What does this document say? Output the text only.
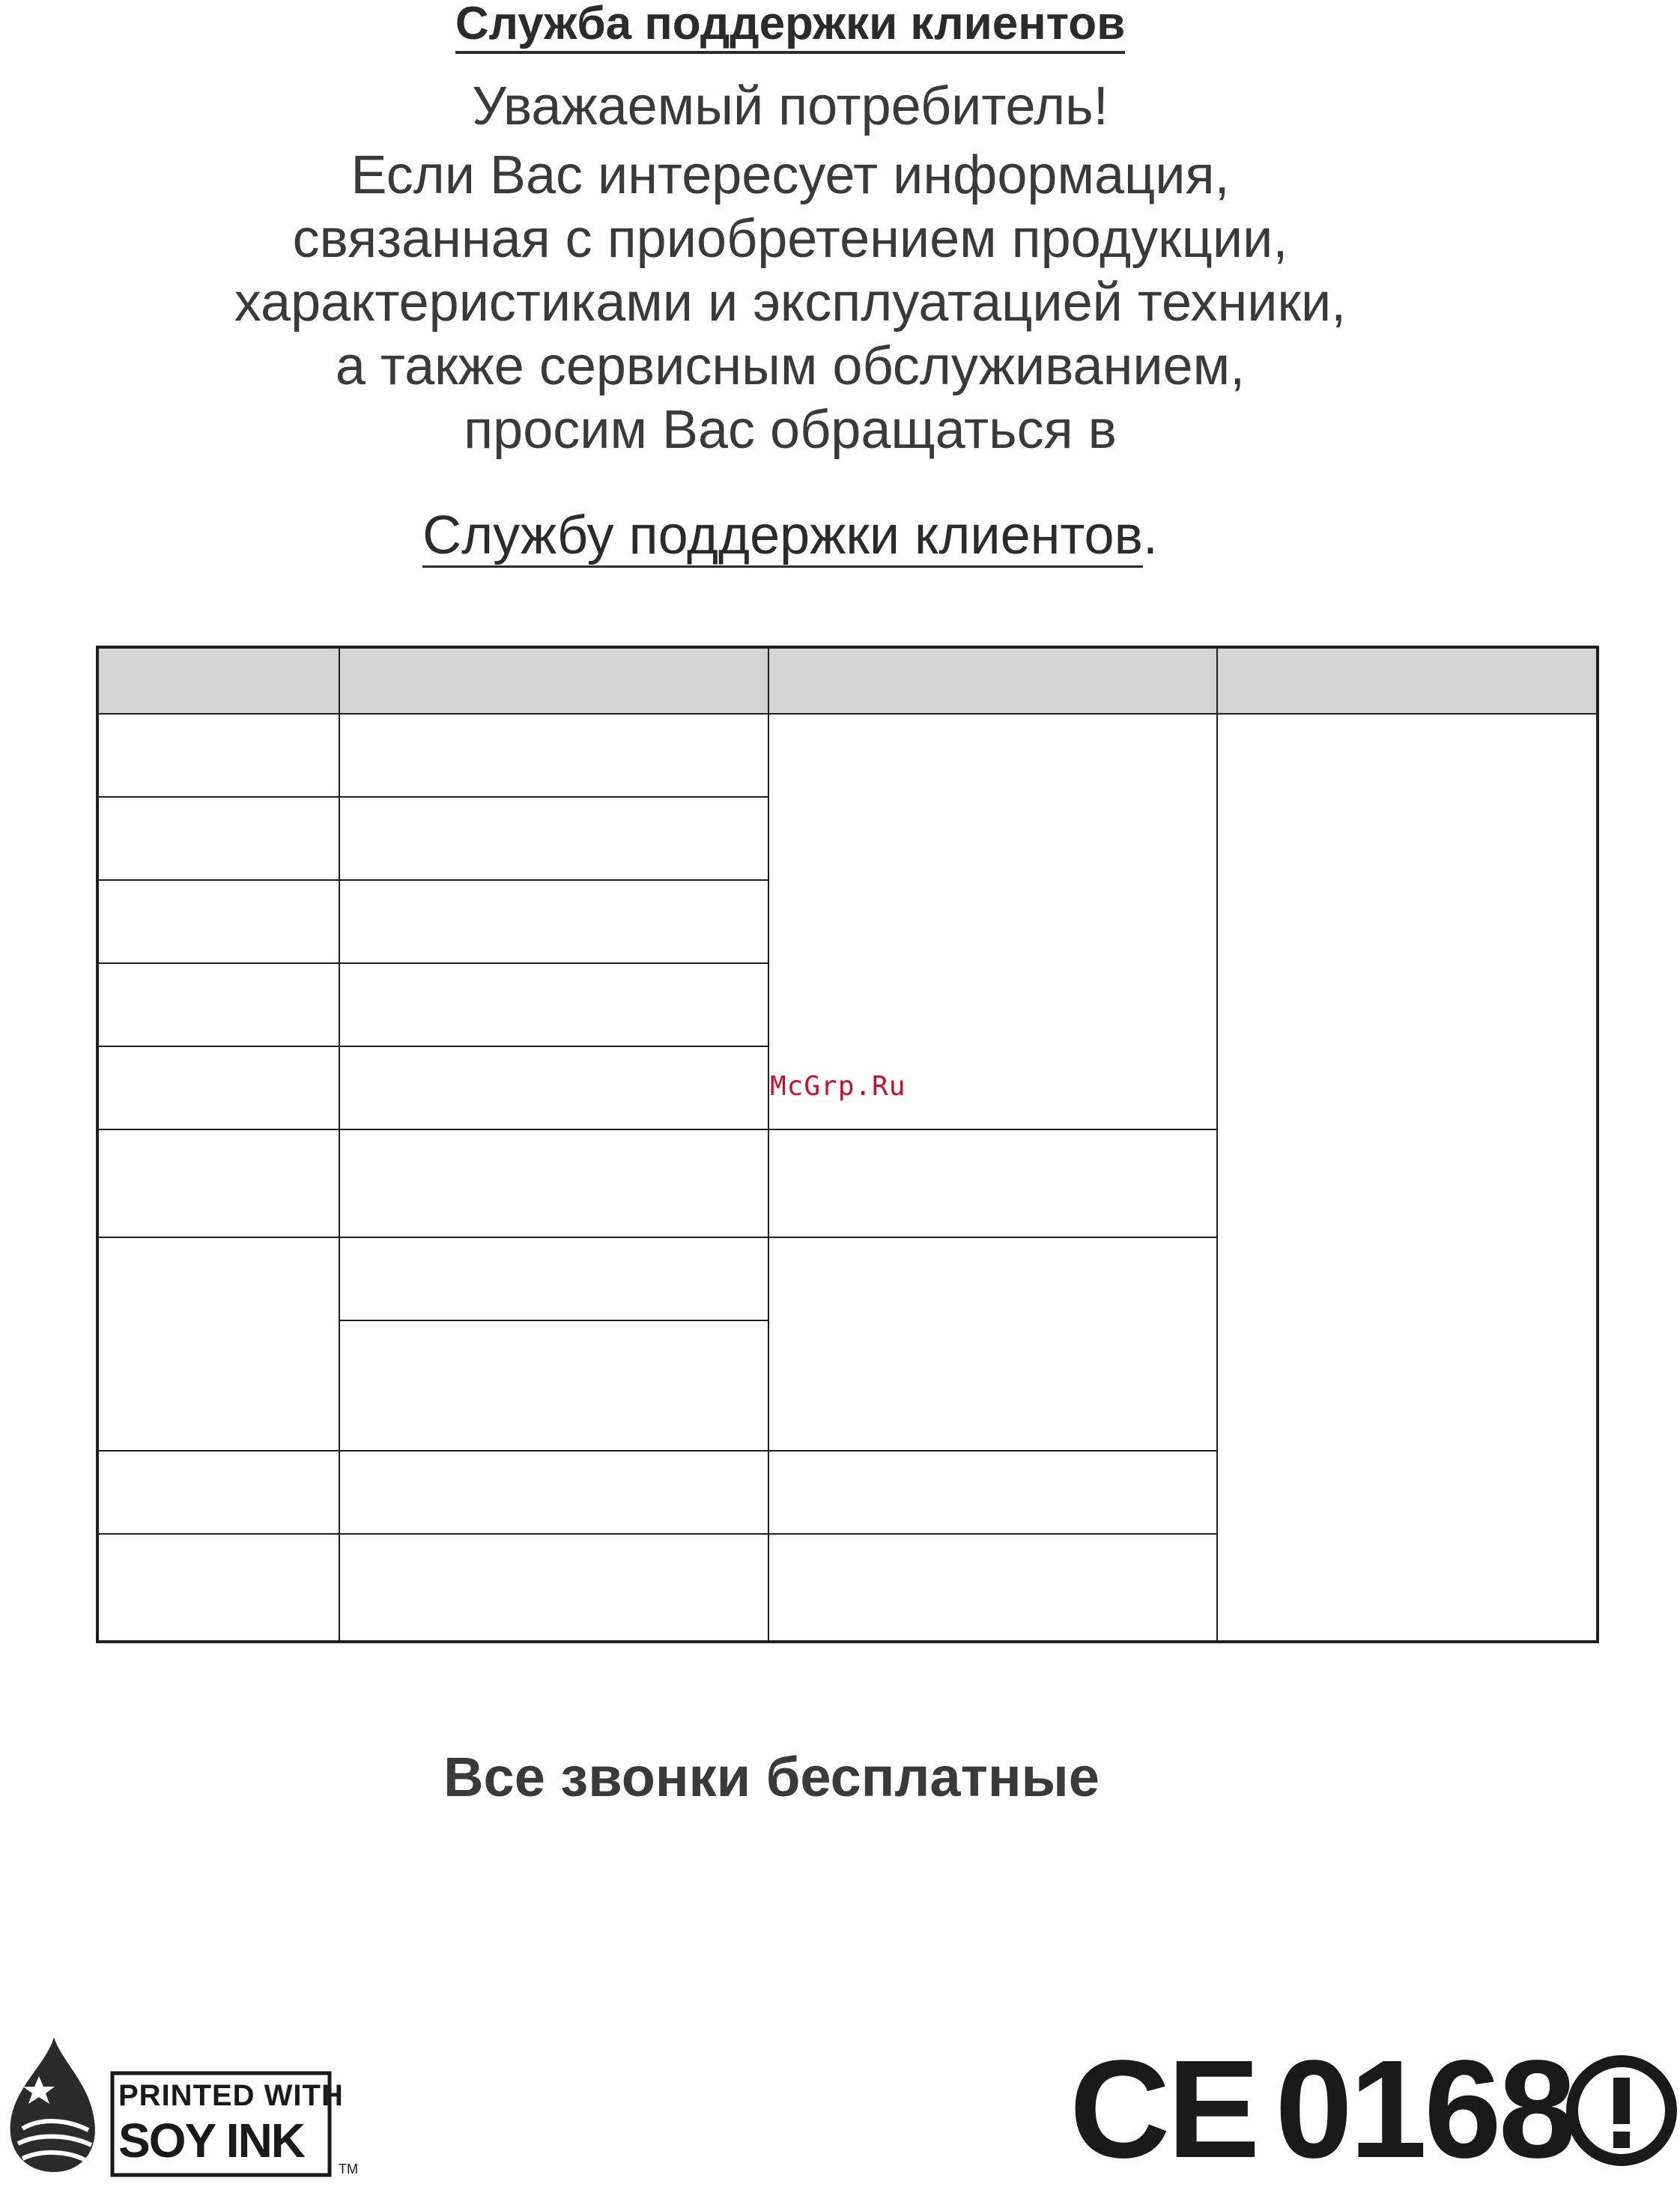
Служба поддержки клиентов
Уважаемый потребитель!
Если Вас интересует информация,
связанная с приобретением продукции,
характеристиками и эксплуатацией техники,
а также сервисным обслуживанием,
просим Вас обращаться в
Службу поддержки клиентов.

McGrp.Ru
Все звонки бесплатные
PRINTED WITH
SOY INK
TM	CE 0168
